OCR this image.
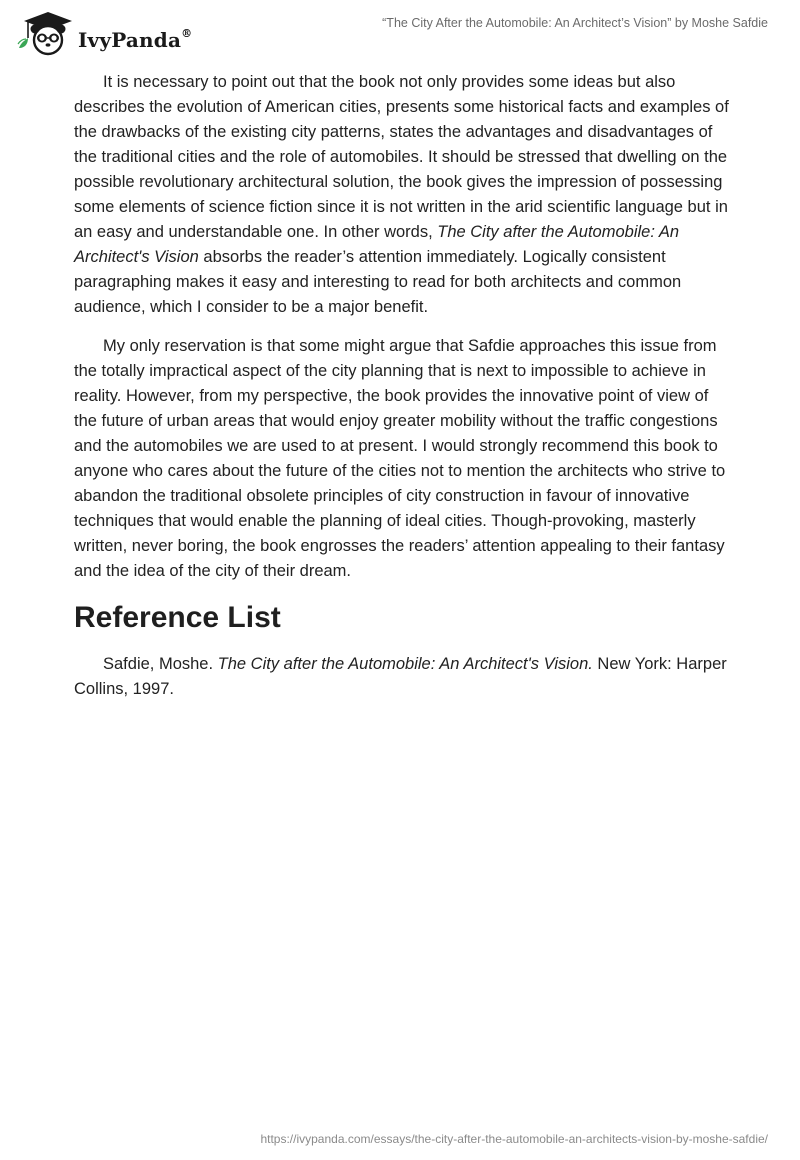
IvyPanda®
“The City After the Automobile: An Architect’s Vision” by Moshe Safdie

It is necessary to point out that the book not only provides some ideas but also describes the evolution of American cities, presents some historical facts and examples of the drawbacks of the existing city patterns, states the advantages and disadvantages of the traditional cities and the role of automobiles. It should be stressed that dwelling on the possible revolutionary architectural solution, the book gives the impression of possessing some elements of science fiction since it is not written in the arid scientific language but in an easy and understandable one. In other words, The City after the Automobile: An Architect's Vision absorbs the reader’s attention immediately. Logically consistent paragraphing makes it easy and interesting to read for both architects and common audience, which I consider to be a major benefit.

My only reservation is that some might argue that Safdie approaches this issue from the totally impractical aspect of the city planning that is next to impossible to achieve in reality. However, from my perspective, the book provides the innovative point of view of the future of urban areas that would enjoy greater mobility without the traffic congestions and the automobiles we are used to at present. I would strongly recommend this book to anyone who cares about the future of the cities not to mention the architects who strive to abandon the traditional obsolete principles of city construction in favour of innovative techniques that would enable the planning of ideal cities. Though-provoking, masterly written, never boring, the book engrosses the readers’ attention appealing to their fantasy and the idea of the city of their dream.

Reference List

Safdie, Moshe. The City after the Automobile: An Architect's Vision. New York: Harper Collins, 1997.

https://ivypanda.com/essays/the-city-after-the-automobile-an-architects-vision-by-moshe-safdie/
